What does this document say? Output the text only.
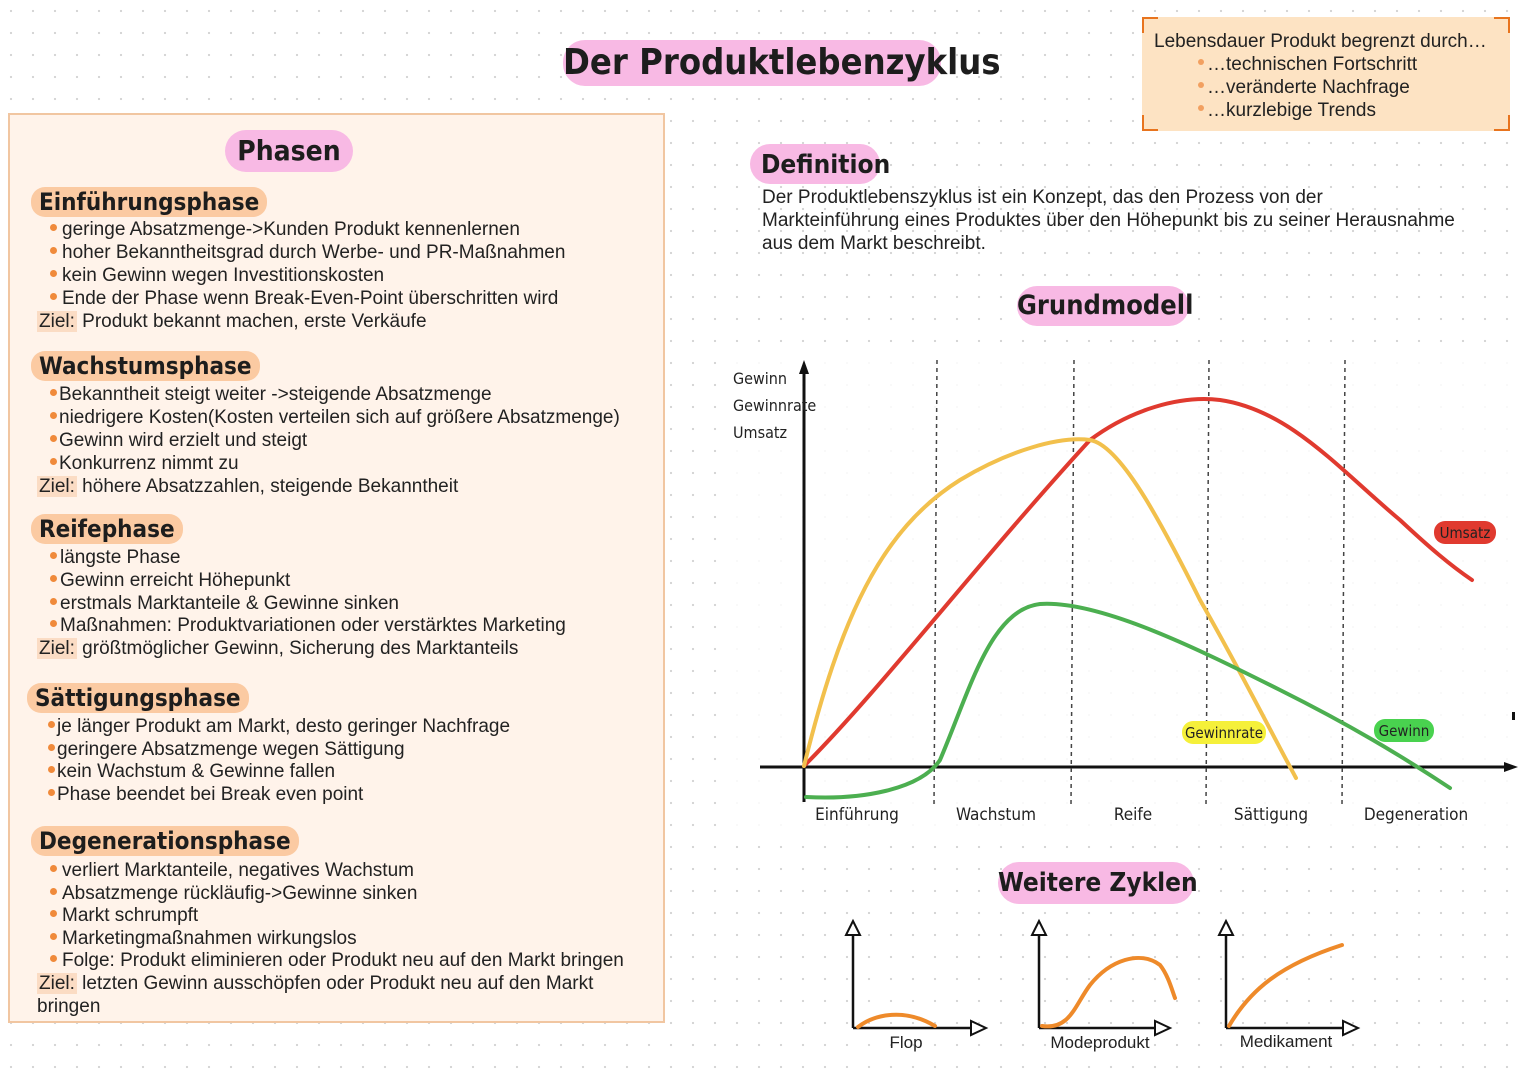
Der Produktlebenzyklus
Lebensdauer Produkt begrenzt durch…
…technischen Fortschritt
…veränderte Nachfrage
…kurzlebige Trends
Phasen
Einführungsphase
geringe Absatzmenge->Kunden Produkt kennenlernen
hoher Bekanntheitsgrad durch Werbe- und PR-Maßnahmen
kein Gewinn wegen Investitionskosten
Ende der Phase wenn Break-Even-Point überschritten wird
Ziel: Produkt bekannt machen, erste Verkäufe
Wachstumsphase
Bekanntheit steigt weiter ->steigende Absatzmenge
niedrigere Kosten(Kosten verteilen sich auf größere Absatzmenge)
Gewinn wird erzielt und steigt
Konkurrenz nimmt zu
Ziel: höhere Absatzzahlen, steigende Bekanntheit
Reifephase
längste Phase
Gewinn erreicht Höhepunkt
erstmals Marktanteile & Gewinne sinken
Maßnahmen: Produktvariationen oder verstärktes Marketing
Ziel: größtmöglicher Gewinn, Sicherung des Marktanteils
Sättigungsphase
je länger Produkt am Markt, desto geringer Nachfrage
geringere Absatzmenge wegen Sättigung
kein Wachstum & Gewinne fallen
Phase beendet bei Break even point
Degenerationsphase
verliert Marktanteile, negatives Wachstum
Absatzmenge rückläufig->Gewinne sinken
Markt schrumpft
Marketingmaßnahmen wirkungslos
Folge: Produkt eliminieren oder Produkt neu auf den Markt bringen
Ziel: letzten Gewinn ausschöpfen oder Produkt neu auf den Markt
bringen
Definition
Der Produktlebenszyklus ist ein Konzept, das den Prozess von der
Markteinführung eines Produktes über den Höhepunkt bis zu seiner Herausnahme
aus dem Markt beschreibt.
Grundmodell
Gewinn
Gewinnrate
Umsatz
Einführung	Wachstum	Reife	Sättigung	Degeneration
Umsatz
Gewinnrate	Gewinn
Flop	Modeprodukt	Medikament
Weitere Zyklen
